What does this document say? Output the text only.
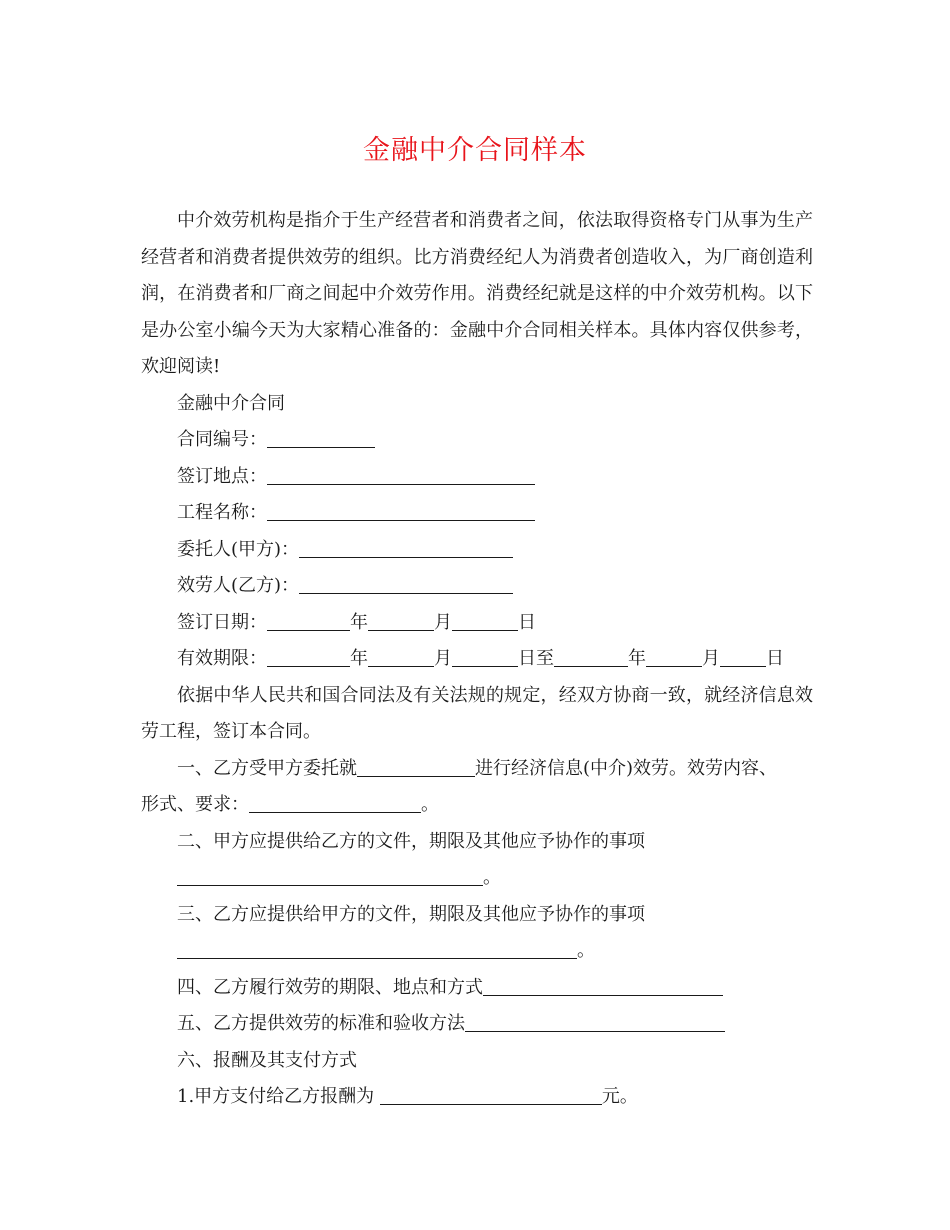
金融中介合同样本

中介效劳机构是指介于生产经营者和消费者之间，依法取得资格专门从事为生产经营者和消费者提供效劳的组织。比方消费经纪人为消费者创造收入，为厂商创造利润，在消费者和厂商之间起中介效劳作用。消费经纪就是这样的中介效劳机构。以下是办公室小编今天为大家精心准备的：金融中介合同相关样本。具体内容仅供参考，欢迎阅读!

金融中介合同

合同编号：

签订地点：

工程名称：

委托人(甲方)：

效劳人(乙方)：

签订日期：	年	月	日

有效期限：	年	月	日至	年	月	日

依据中华人民共和国合同法及有关法规的规定，经双方协商一致，就经济信息效劳工程，签订本合同。

一、乙方受甲方委托就	进行经济信息(中介)效劳。效劳内容、

形式、要求：	。

二、甲方应提供给乙方的文件，期限及其他应予协作的事项

。

三、乙方应提供给甲方的文件，期限及其他应予协作的事项

。

四、乙方履行效劳的期限、地点和方式

五、乙方提供效劳的标准和验收方法

六、报酬及其支付方式

1.甲方支付给乙方报酬为	元。
